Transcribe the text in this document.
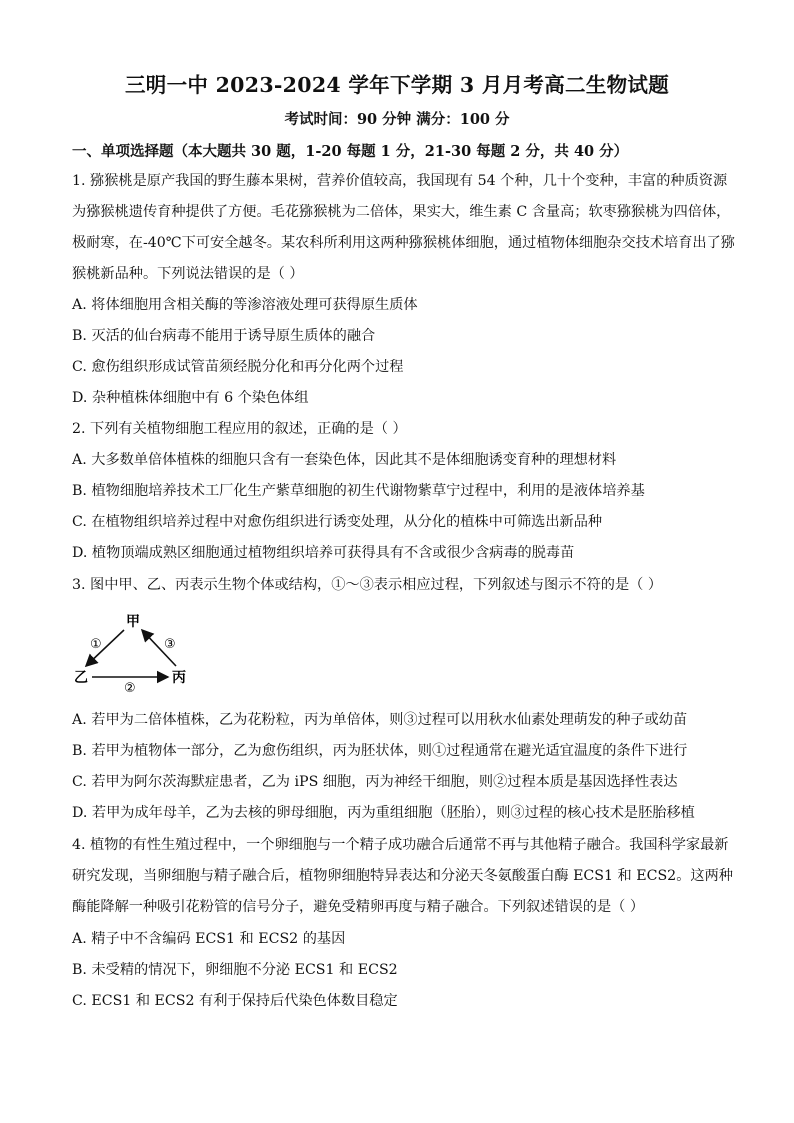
三明一中 2023-2024 学年下学期 3 月月考高二生物试题
考试时间：90 分钟 满分：100 分
一、单项选择题（本大题共 30 题，1-20 每题 1 分，21-30 每题 2 分，共 40 分）
1. 猕猴桃是原产我国的野生藤本果树，营养价值较高，我国现有 54 个种，几十个变种，丰富的种质资源
为猕猴桃遗传育种提供了方便。毛花猕猴桃为二倍体，果实大，维生素 C 含量高；软枣猕猴桃为四倍体，
极耐寒，在-40℃下可安全越冬。某农科所利用这两种猕猴桃体细胞，通过植物体细胞杂交技术培育出了猕
猴桃新品种。下列说法错误的是（ ）
A. 将体细胞用含相关酶的等渗溶液处理可获得原生质体
B. 灭活的仙台病毒不能用于诱导原生质体的融合
C. 愈伤组织形成试管苗须经脱分化和再分化两个过程
D. 杂种植株体细胞中有 6 个染色体组
2. 下列有关植物细胞工程应用的叙述，正确的是（ ）
A. 大多数单倍体植株的细胞只含有一套染色体，因此其不是体细胞诱变育种的理想材料
B. 植物细胞培养技术工厂化生产紫草细胞的初生代谢物紫草宁过程中，利用的是液体培养基
C. 在植物组织培养过程中对愈伤组织进行诱变处理，从分化的植株中可筛选出新品种
D. 植物顶端成熟区细胞通过植物组织培养可获得具有不含或很少含病毒的脱毒苗
3. 图中甲、乙、丙表示生物个体或结构，①～③表示相应过程，下列叙述与图示不符的是（ ）
甲
乙	丙
①	③
②
A. 若甲为二倍体植株，乙为花粉粒，丙为单倍体，则③过程可以用秋水仙素处理萌发的种子或幼苗
B. 若甲为植物体一部分，乙为愈伤组织，丙为胚状体，则①过程通常在避光适宜温度的条件下进行
C. 若甲为阿尔茨海默症患者，乙为 iPS 细胞，丙为神经干细胞，则②过程本质是基因选择性表达
D. 若甲为成年母羊，乙为去核的卵母细胞，丙为重组细胞（胚胎），则③过程的核心技术是胚胎移植
4. 植物的有性生殖过程中，一个卵细胞与一个精子成功融合后通常不再与其他精子融合。我国科学家最新
研究发现，当卵细胞与精子融合后，植物卵细胞特异表达和分泌天冬氨酸蛋白酶 ECS1 和 ECS2。这两种
酶能降解一种吸引花粉管的信号分子，避免受精卵再度与精子融合。下列叙述错误的是（ ）
A. 精子中不含编码 ECS1 和 ECS2 的基因
B. 未受精的情况下，卵细胞不分泌 ECS1 和 ECS2
C. ECS1 和 ECS2 有利于保持后代染色体数目稳定
